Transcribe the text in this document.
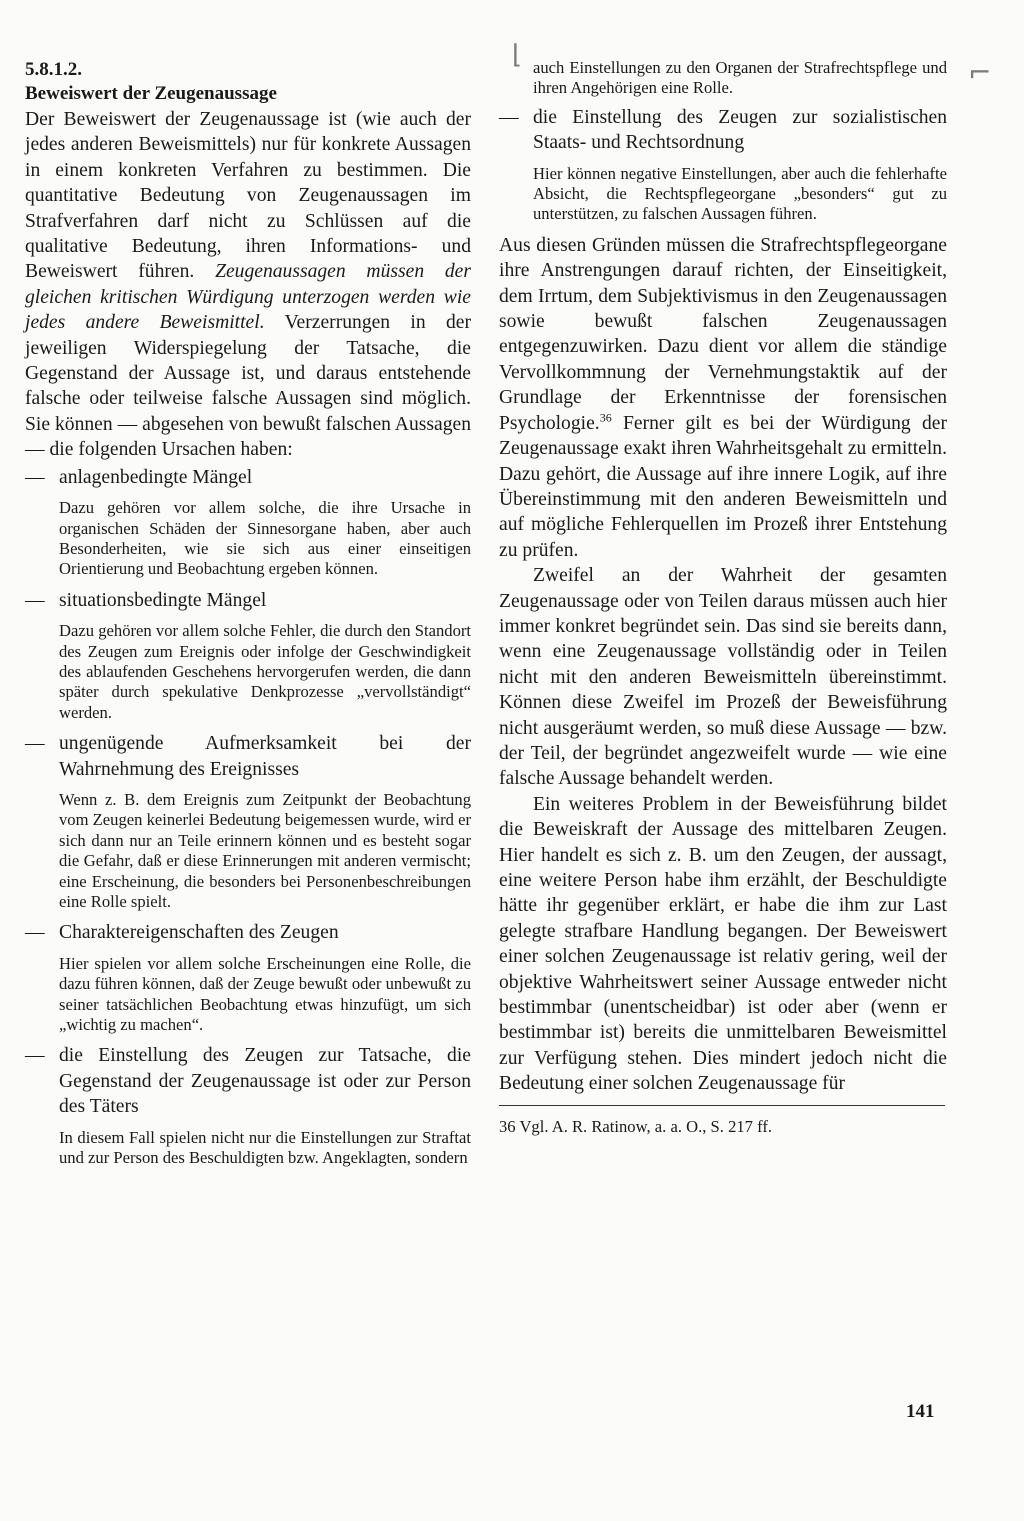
⌊
⌐

5.8.1.2.

Beweiswert der Zeugenaussage

Der Beweiswert der Zeugenaussage ist (wie auch der jedes anderen Beweismittels) nur für konkrete Aussagen in einem konkreten Verfahren zu bestimmen. Die quantitative Bedeutung von Zeugenaussagen im Strafverfahren darf nicht zu Schlüssen auf die qualitative Bedeutung, ihren Informations- und Beweiswert führen. Zeugenaussagen müssen der gleichen kritischen Würdigung unterzogen werden wie jedes andere Beweismittel. Verzerrungen in der jeweiligen Widerspiegelung der Tatsache, die Gegenstand der Aussage ist, und daraus entstehende falsche oder teilweise falsche Aussagen sind möglich. Sie können — abgesehen von bewußt falschen Aussagen — die folgenden Ursachen haben:

— anlagenbedingte Mängel

Dazu gehören vor allem solche, die ihre Ursache in organischen Schäden der Sinnesorgane haben, aber auch Besonderheiten, wie sie sich aus einer einseitigen Orientierung und Beobachtung ergeben können.

— situationsbedingte Mängel

Dazu gehören vor allem solche Fehler, die durch den Standort des Zeugen zum Ereignis oder infolge der Geschwindigkeit des ablaufenden Geschehens hervorgerufen werden, die dann später durch spekulative Denkprozesse „vervollständigt“ werden.

— ungenügende Aufmerksamkeit bei der Wahrnehmung des Ereignisses

Wenn z. B. dem Ereignis zum Zeitpunkt der Beobachtung vom Zeugen keinerlei Bedeutung beigemessen wurde, wird er sich dann nur an Teile erinnern können und es besteht sogar die Gefahr, daß er diese Erinnerungen mit anderen vermischt; eine Erscheinung, die besonders bei Personenbeschreibungen eine Rolle spielt.

— Charaktereigenschaften des Zeugen

Hier spielen vor allem solche Erscheinungen eine Rolle, die dazu führen können, daß der Zeuge bewußt oder unbewußt zu seiner tatsächlichen Beobachtung etwas hinzufügt, um sich „wichtig zu machen“.

— die Einstellung des Zeugen zur Tatsache, die Gegenstand der Zeugenaussage ist oder zur Person des Täters

In diesem Fall spielen nicht nur die Einstellungen zur Straftat und zur Person des Beschuldigten bzw. Angeklagten, sondern

auch Einstellungen zu den Organen der Strafrechtspflege und ihren Angehörigen eine Rolle.

— die Einstellung des Zeugen zur sozialistischen Staats- und Rechtsordnung

Hier können negative Einstellungen, aber auch die fehlerhafte Absicht, die Rechtspflegeorgane „besonders“ gut zu unterstützen, zu falschen Aussagen führen.

Aus diesen Gründen müssen die Strafrechtspflegeorgane ihre Anstrengungen darauf richten, der Einseitigkeit, dem Irrtum, dem Subjektivismus in den Zeugenaussagen sowie bewußt falschen Zeugenaussagen entgegenzuwirken. Dazu dient vor allem die ständige Vervollkommnung der Vernehmungstaktik auf der Grundlage der Erkenntnisse der forensischen Psychologie.$^{36}$ Ferner gilt es bei der Würdigung der Zeugenaussage exakt ihren Wahrheitsgehalt zu ermitteln. Dazu gehört, die Aussage auf ihre innere Logik, auf ihre Übereinstimmung mit den anderen Beweismitteln und auf mögliche Fehlerquellen im Prozeß ihrer Entstehung zu prüfen.

Zweifel an der Wahrheit der gesamten Zeugenaussage oder von Teilen daraus müssen auch hier immer konkret begründet sein. Das sind sie bereits dann, wenn eine Zeugenaussage vollständig oder in Teilen nicht mit den anderen Beweismitteln übereinstimmt. Können diese Zweifel im Prozeß der Beweisführung nicht ausgeräumt werden, so muß diese Aussage — bzw. der Teil, der begründet angezweifelt wurde — wie eine falsche Aussage behandelt werden.

Ein weiteres Problem in der Beweisführung bildet die Beweiskraft der Aussage des mittelbaren Zeugen. Hier handelt es sich z. B. um den Zeugen, der aussagt, eine weitere Person habe ihm erzählt, der Beschuldigte hätte ihr gegenüber erklärt, er habe die ihm zur Last gelegte strafbare Handlung begangen. Der Beweiswert einer solchen Zeugenaussage ist relativ gering, weil der objektive Wahrheitswert seiner Aussage entweder nicht bestimmbar (unentscheidbar) ist oder aber (wenn er bestimmbar ist) bereits die unmittelbaren Beweismittel zur Verfügung stehen. Dies mindert jedoch nicht die Bedeutung einer solchen Zeugenaussage für

36 Vgl. A. R. Ratinow, a. a. O., S. 217 ff.

141
